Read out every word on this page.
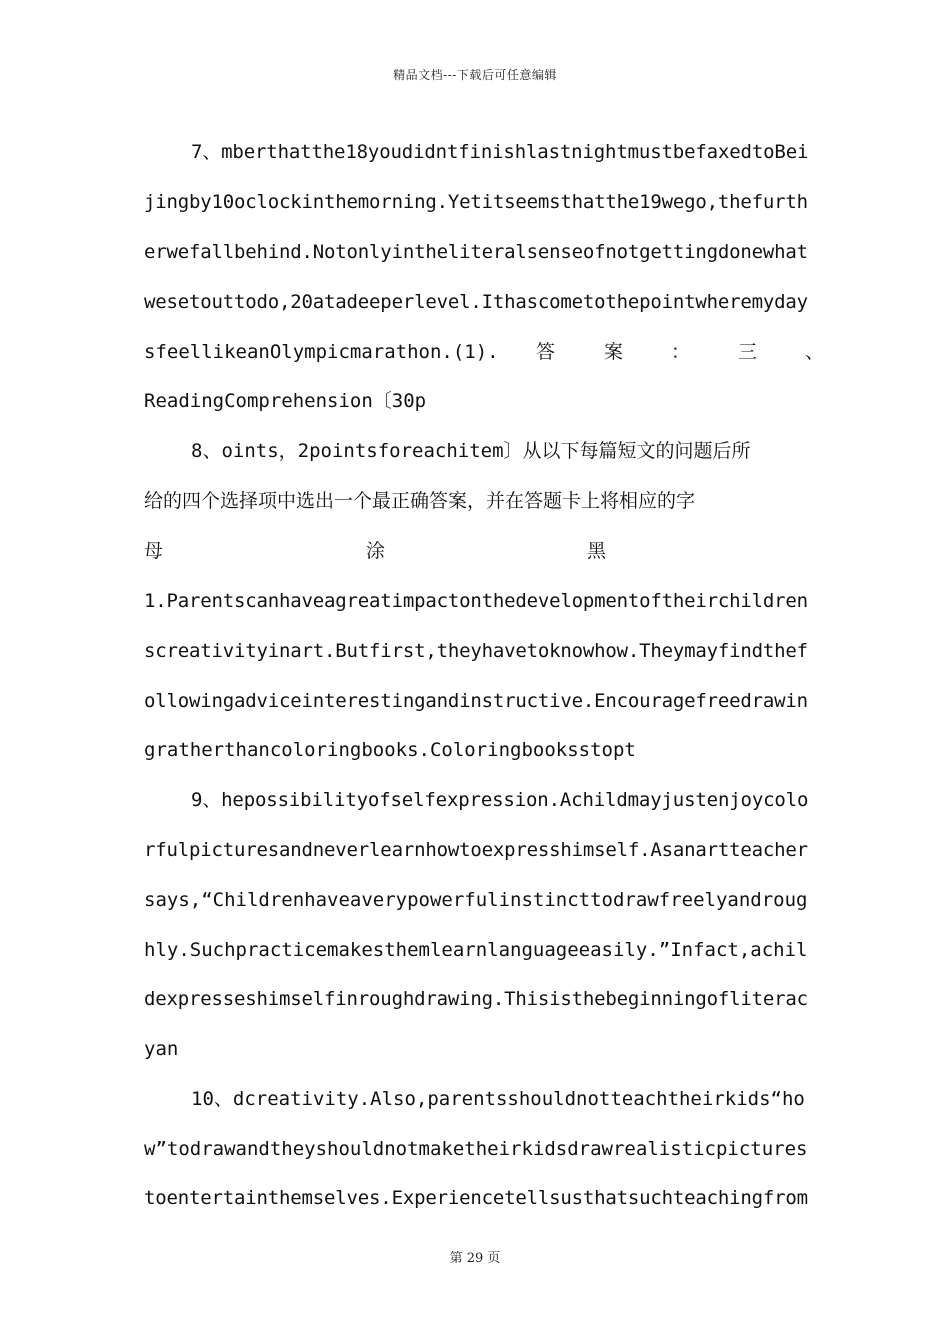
精品文档---下载后可任意编辑
7、mberthatthe18youdidntfinishlastnightmustbefaxedtoBei
jingby10oclockinthemorning.Yetitseemsthatthe19wego,thefurth
erwefallbehind.Notonlyintheliteralsenseofnotgettingdonewhat
wesetouttodo,20atadeeperlevel.Ithascometothepointwheremyday
sfeellikeanOlympicmarathon.(1). 答	案	：	三	、
ReadingComprehension〔30p
8、oints，2pointsforeachitem〕从以下每篇短文的问题后所
给的四个选择项中选出一个最正确答案，并在答题卡上将相应的字
母	涂	黑
1.Parentscanhaveagreatimpactonthedevelopmentoftheirchildren
screativityinart.Butfirst,theyhavetoknowhow.Theymayfindthef
ollowingadviceinterestingandinstructive.Encouragefreedrawin
gratherthancoloringbooks.Coloringbooksstopt
9、hepossibilityofselfexpression.Achildmayjustenjoycolo
rfulpicturesandneverlearnhowtoexpresshimself.Asanartteacher
says,“Childrenhaveaverypowerfulinstincttodrawfreelyandroug
hly.Suchpracticemakesthemlearnlanguageeasily.”Infact,achil
dexpresseshimselfinroughdrawing.Thisisthebeginningofliterac
yan
10、dcreativity.Also,parentsshouldnotteachtheirkids“ho
w”todrawandtheyshouldnotmaketheirkidsdrawrealisticpictures
toentertainthemselves.Experiencetellsusthatsuchteachingfrom
第 29 页
